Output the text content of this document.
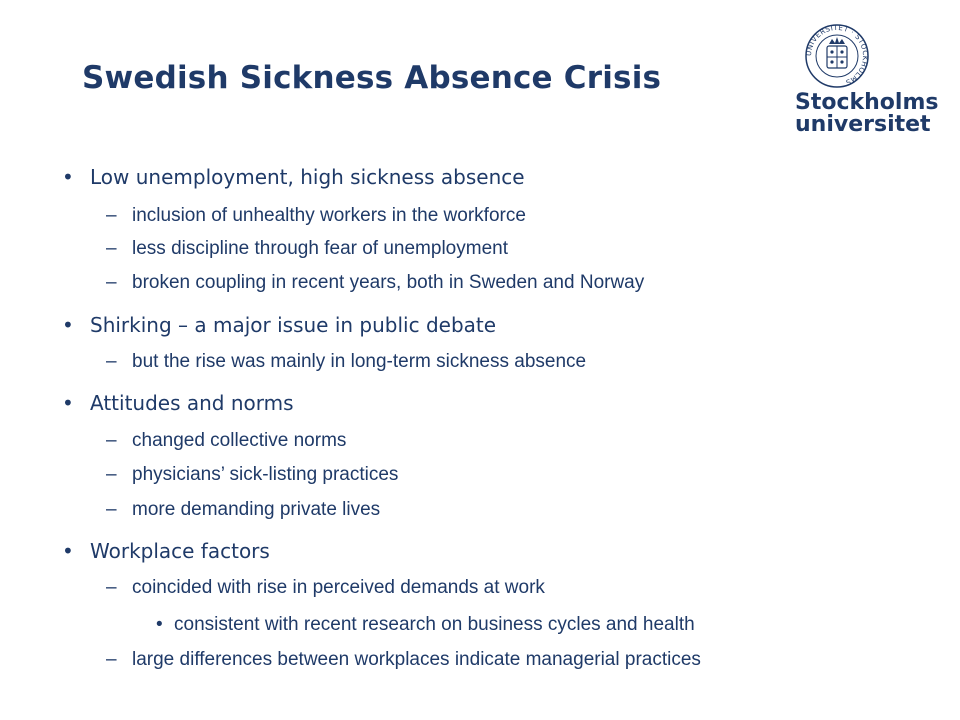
Swedish Sickness Absence Crisis
UNIVERSITET · STOCKHOLMS
Stockholms
universitet
• Low unemployment, high sickness absence
– inclusion of unhealthy workers in the workforce
– less discipline through fear of unemployment
– broken coupling in recent years, both in Sweden and Norway
• Shirking – a major issue in public debate
– but the rise was mainly in long-term sickness absence
• Attitudes and norms
– changed collective norms
– physicians’ sick-listing practices
– more demanding private lives
• Workplace factors
– coincided with rise in perceived demands at work
• consistent with recent research on business cycles and health
– large differences between workplaces indicate managerial practices
